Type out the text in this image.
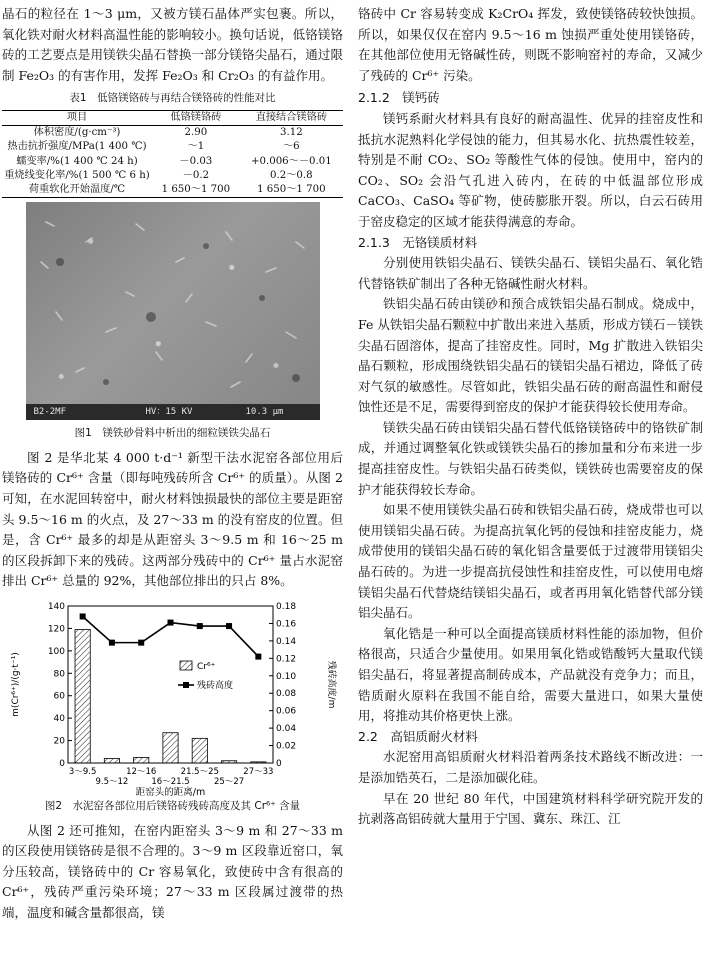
晶石的粒径在 1～3 μm，又被方镁石晶体严实包裹。所以，氧化铁对耐火材料高温性能的影响较小。换句话说，低铬镁铬砖的工艺要点是用镁铁尖晶石替换一部分镁铬尖晶石，通过限制 Fe₂O₃ 的有害作用，发挥 Fe₂O₃ 和 Cr₂O₃ 的有益作用。

表1　低铬镁铬砖与再结合镁铬砖的性能对比

项目	低铬镁铬砖	直接结合镁铬砖
体积密度/(g·cm⁻³)	2.90	3.12
热击抗折强度/MPa(1 400 ℃)	～1	～6
蠕变率/%(1 400 ℃ 24 h)	－0.03	+0.006～－0.01
重烧线变化率/%(1 500 ℃ 6 h)	－0.2	0.2～0.8
荷重软化开始温度/℃	1 650～1 700	1 650～1 700
B2-2MF	HV：15 KV	10.3 μm

图1　镁铁砂骨料中析出的细粒镁铁尖晶石

图 2 是华北某 4 000 t·d⁻¹ 新型干法水泥窑各部位用后镁铬砖的 Cr⁶⁺ 含量（即每吨残砖所含 Cr⁶⁺ 的质量）。从图 2 可知，在水泥回转窑中，耐火材料蚀损最快的部位主要是距窑头 9.5～16 m 的火点，及 27～33 m 的没有窑皮的位置。但是，含 Cr⁶⁺ 最多的却是从距窑头 3～9.5 m 和 16～25 m 的区段拆卸下来的残砖。这两部分残砖中的 Cr⁶⁺ 量占水泥窑排出 Cr⁶⁺ 总量的 92%，其他部位排出的只占 8%。

0
20
40
60
80
100
120
140
0
0.02
0.04
0.06
0.08
0.10
0.12
0.14
0.16
0.18
3～9.5
9.5～12
12～16
16～21.5
21.5～25
25～27
27～33
距窑头的距离/m
m(Cr⁶⁺)/(g·t⁻¹)	残砖高度/m
Cr⁶⁺
残砖高度

图2　水泥窑各部位用后镁铬砖残砖高度及其 Cr⁶⁺ 含量

从图 2 还可推知，在窑内距窑头 3～9 m 和 27～33 m 的区段使用镁铬砖是很不合理的。3～9 m 区段靠近窑口，氧分压较高，镁铬砖中的 Cr 容易氧化，致使砖中含有很高的 Cr⁶⁺，残砖严重污染环境；27～33 m 区段属过渡带的热端，温度和碱含量都很高，镁

铬砖中 Cr 容易转变成 K₂CrO₄ 挥发，致使镁铬砖较快蚀损。所以，如果仅仅在窑内 9.5～16 m 蚀损严重处使用镁铬砖，在其他部位使用无铬碱性砖，则既不影响窑衬的寿命，又减少了残砖的 Cr⁶⁺ 污染。

2.1.2　镁钙砖

镁钙系耐火材料具有良好的耐高温性、优异的挂窑皮性和抵抗水泥熟料化学侵蚀的能力，但其易水化、抗热震性较差，特别是不耐 CO₂、SO₂ 等酸性气体的侵蚀。使用中，窑内的 CO₂、SO₂ 会沿气孔进入砖内，在砖的中低温部位形成 CaCO₃、CaSO₄ 等矿物，使砖膨胀开裂。所以，白云石砖用于窑皮稳定的区域才能获得满意的寿命。

2.1.3　无铬镁质材料

分别使用铁铝尖晶石、镁铁尖晶石、镁铝尖晶石、氧化锆代替铬铁矿制出了各种无铬碱性耐火材料。

铁铝尖晶石砖由镁砂和预合成铁铝尖晶石制成。烧成中，Fe 从铁铝尖晶石颗粒中扩散出来进入基质，形成方镁石－镁铁尖晶石固溶体，提高了挂窑皮性。同时，Mg 扩散进入铁铝尖晶石颗粒，形成围绕铁铝尖晶石的镁铝尖晶石裙边，降低了砖对气氛的敏感性。尽管如此，铁铝尖晶石砖的耐高温性和耐侵蚀性还是不足，需要得到窑皮的保护才能获得较长使用寿命。

镁铁尖晶石砖由镁铝尖晶石替代低铬镁铬砖中的铬铁矿制成，并通过调整氧化铁或镁铁尖晶石的掺加量和分布来进一步提高挂窑皮性。与铁铝尖晶石砖类似，镁铁砖也需要窑皮的保护才能获得较长寿命。

如果不使用镁铁尖晶石砖和铁铝尖晶石砖，烧成带也可以使用镁铝尖晶石砖。为提高抗氧化钙的侵蚀和挂窑皮能力，烧成带使用的镁铝尖晶石砖的氧化铝含量要低于过渡带用镁铝尖晶石砖的。为进一步提高抗侵蚀性和挂窑皮性，可以使用电熔镁铝尖晶石代替烧结镁铝尖晶石，或者再用氧化锆替代部分镁铝尖晶石。

氧化锆是一种可以全面提高镁质材料性能的添加物，但价格很高，只适合少量使用。如果用氧化锆或锆酸钙大量取代镁铝尖晶石，将显著提高制砖成本，产品就没有竞争力；而且，锆质耐火原料在我国不能自给，需要大量进口，如果大量使用，将推动其价格更快上涨。

2.2　高铝质耐火材料

水泥窑用高铝质耐火材料沿着两条技术路线不断改进：一是添加锆英石，二是添加碳化硅。

早在 20 世纪 80 年代，中国建筑材料科学研究院开发的抗剥落高铝砖就大量用于宁国、冀东、珠江、江
